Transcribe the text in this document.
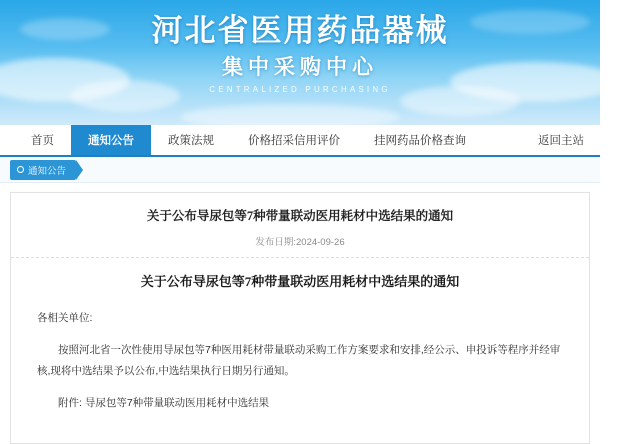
河北省医用药品器械
集中采购中心
CENTRALIZED PURCHASING
首页	通知公告	政策法规	价格招采信用评价	挂网药品价格查询	返回主站
通知公告
关于公布导尿包等7种带量联动医用耗材中选结果的通知
发布日期:2024-09-26
关于公布导尿包等7种带量联动医用耗材中选结果的通知
各相关单位:
按照河北省一次性使用导尿包等7种医用耗材带量联动采购工作方案要求和安排,经公示、申投诉等程序并经审核,现将中选结果予以公布,中选结果执行日期另行通知。
附件: 导尿包等7种带量联动医用耗材中选结果
